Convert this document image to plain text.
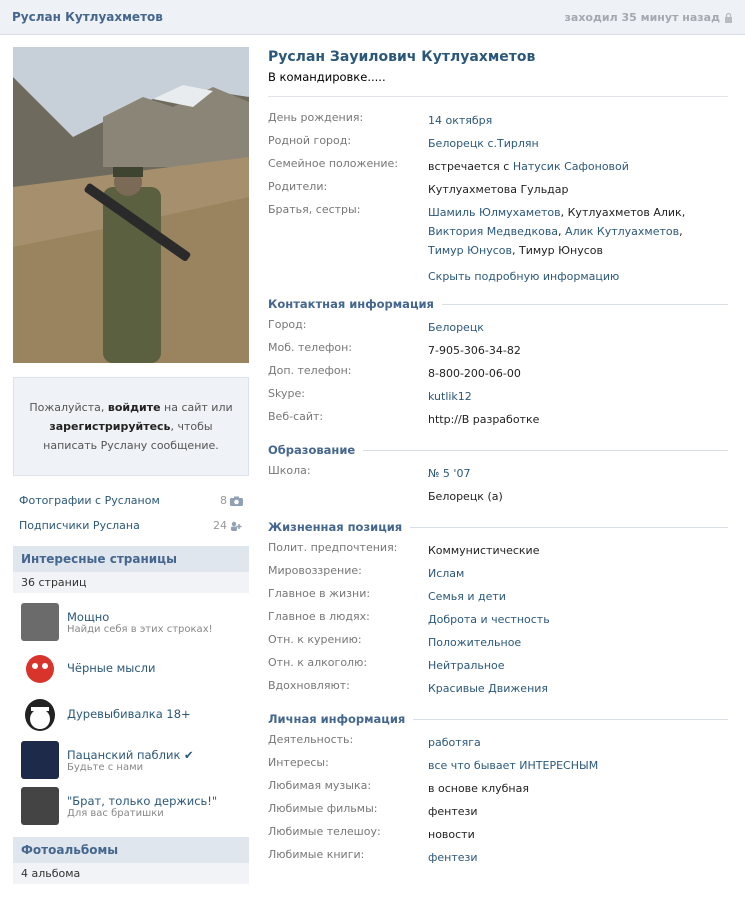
Руслан Кутлуахметов	заходил 35 минут назад
Пожалуйста, войдите на сайт или зарегистрируйтесь, чтобы написать Руслану сообщение.
Фотографии с Русланом	8
Подписчики Руслана	24
Интересные страницы
36 страниц
Мощно
Найди себя в этих строках!
Чёрные мысли
Дуревыбивалка 18+
Пацанский паблик ✔
Будьте с нами
"Брат, только держись!"
Для вас братишки
Фотоальбомы
4 альбома
Руслан Зауилович Кутлуахметов
В командировке.....
День рождения:	14 октября
Родной город:	Белорецк с.Тирлян
Семейное положение:	встречается с Натусик Сафоновой
Родители:	Кутлуахметова Гульдар
Братья, сестры:	Шамиль Юлмухаметов, Кутлуахметов Алик,
Виктория Медведкова, Алик Кутлуахметов,
Тимур Юнусов, Тимур Юнусов
Скрыть подробную информацию
Контактная информация
Город:	Белорецк
Моб. телефон:	7-905-306-34-82
Доп. телефон:	8-800-200-06-00
Skype:	kutlik12
Веб-сайт:	http://В разработке
Образование
Школа:	№ 5 '07
Белорецк (а)
Жизненная позиция
Полит. предпочтения:	Коммунистические
Мировоззрение:	Ислам
Главное в жизни:	Семья и дети
Главное в людях:	Доброта и честность
Отн. к курению:	Положительное
Отн. к алкоголю:	Нейтральное
Вдохновляют:	Красивые Движения
Личная информация
Деятельность:	работяга
Интересы:	все что бывает ИНТЕРЕСНЫМ
Любимая музыка:	в основе клубная
Любимые фильмы:	фентези
Любимые телешоу:	новости
Любимые книги:	фентези
